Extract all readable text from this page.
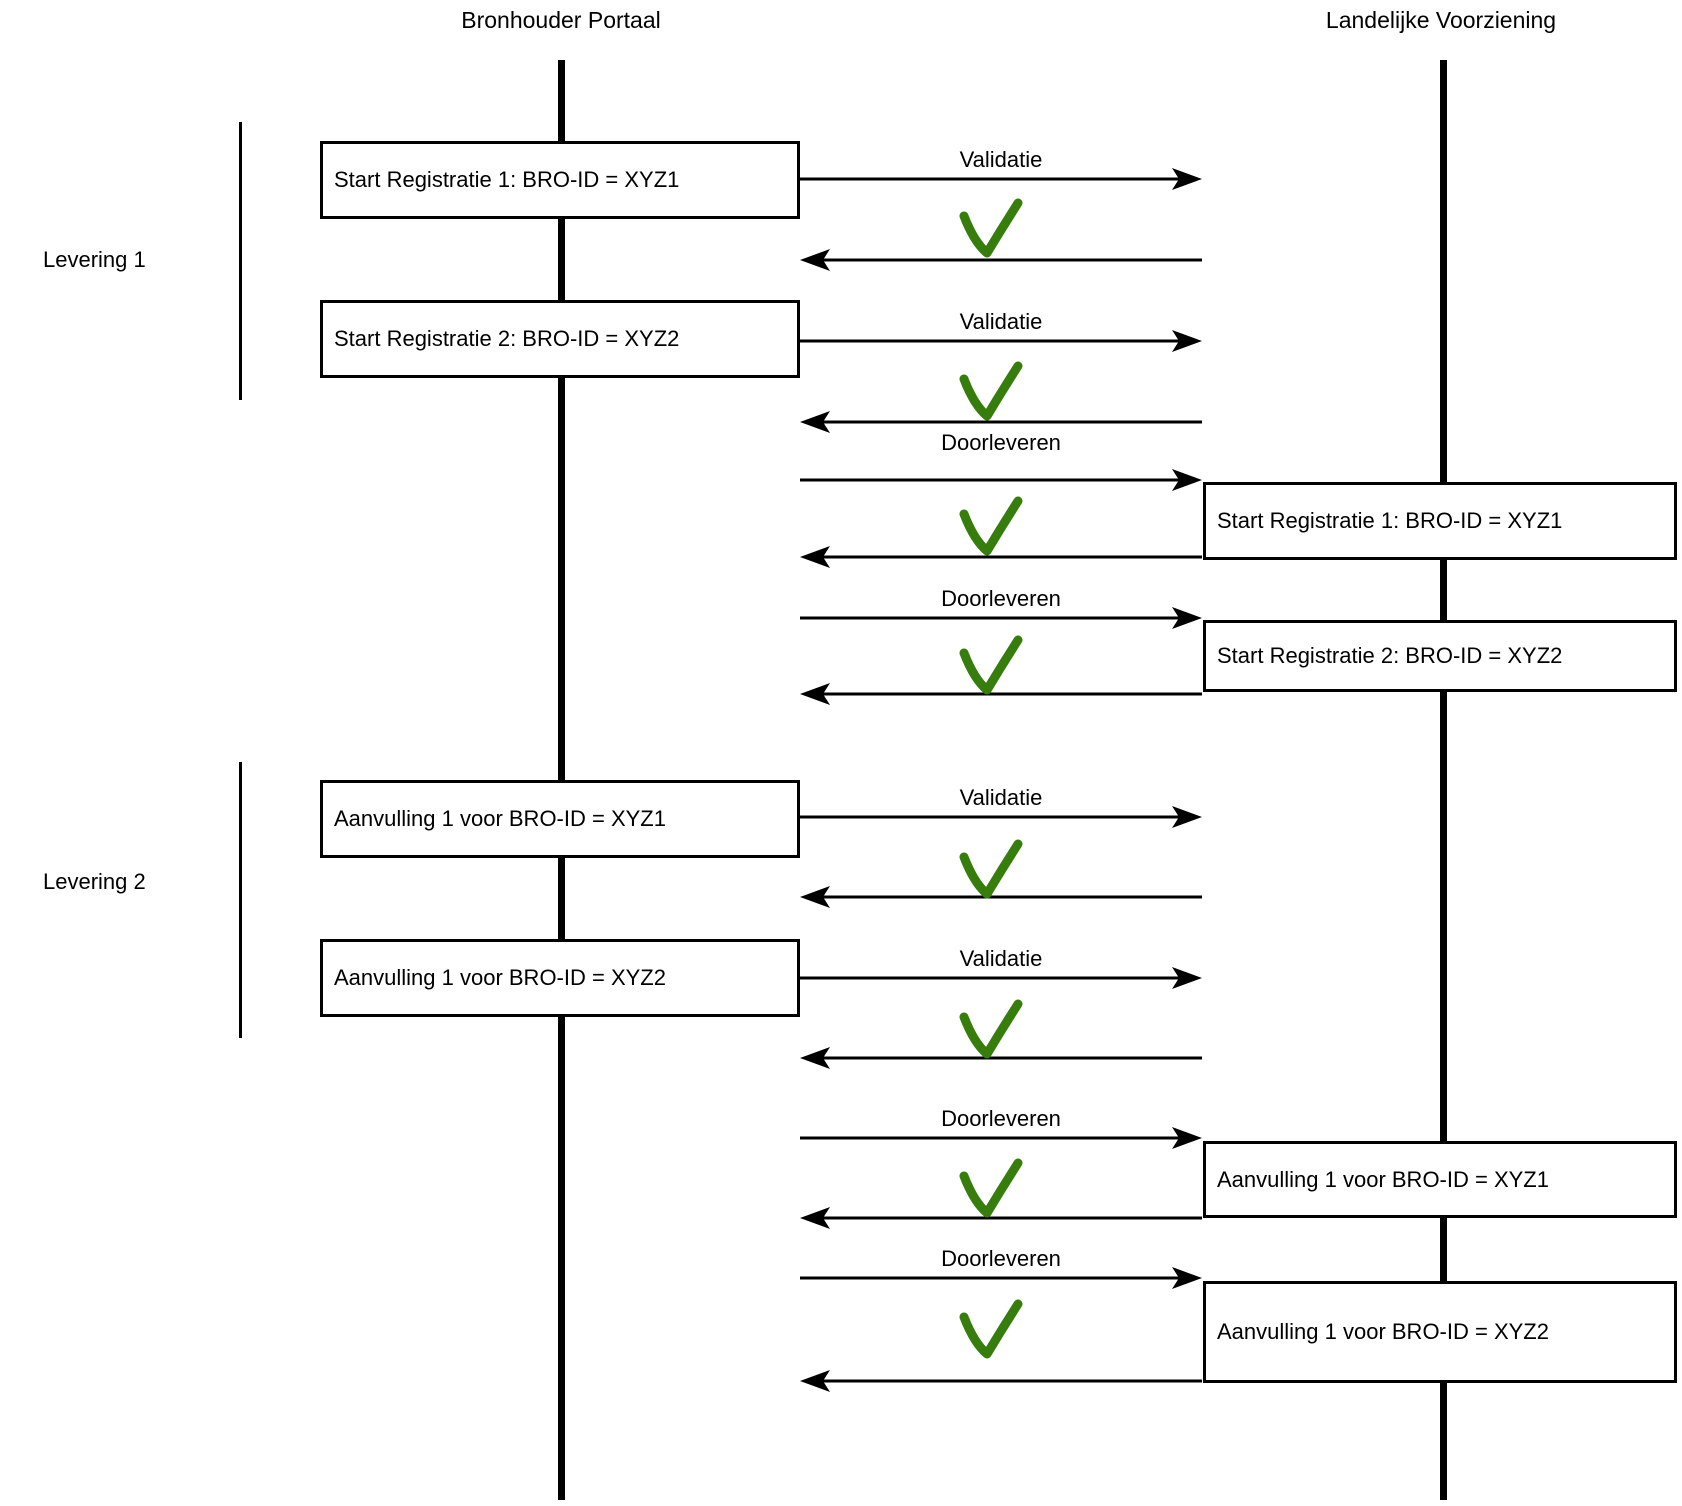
Bronhouder Portaal	Landelijke Voorziening
Levering 1
Levering 2
Start Registratie 1: BRO-ID = XYZ1
Start Registratie 2: BRO-ID = XYZ2
Aanvulling 1 voor BRO-ID = XYZ1
Aanvulling 1 voor BRO-ID = XYZ2
Start Registratie 1: BRO-ID = XYZ1
Start Registratie 2: BRO-ID = XYZ2
Aanvulling 1 voor BRO-ID = XYZ1
Aanvulling 1 voor BRO-ID = XYZ2
Validatie
Validatie
Doorleveren
Doorleveren
Validatie
Validatie
Doorleveren
Doorleveren
